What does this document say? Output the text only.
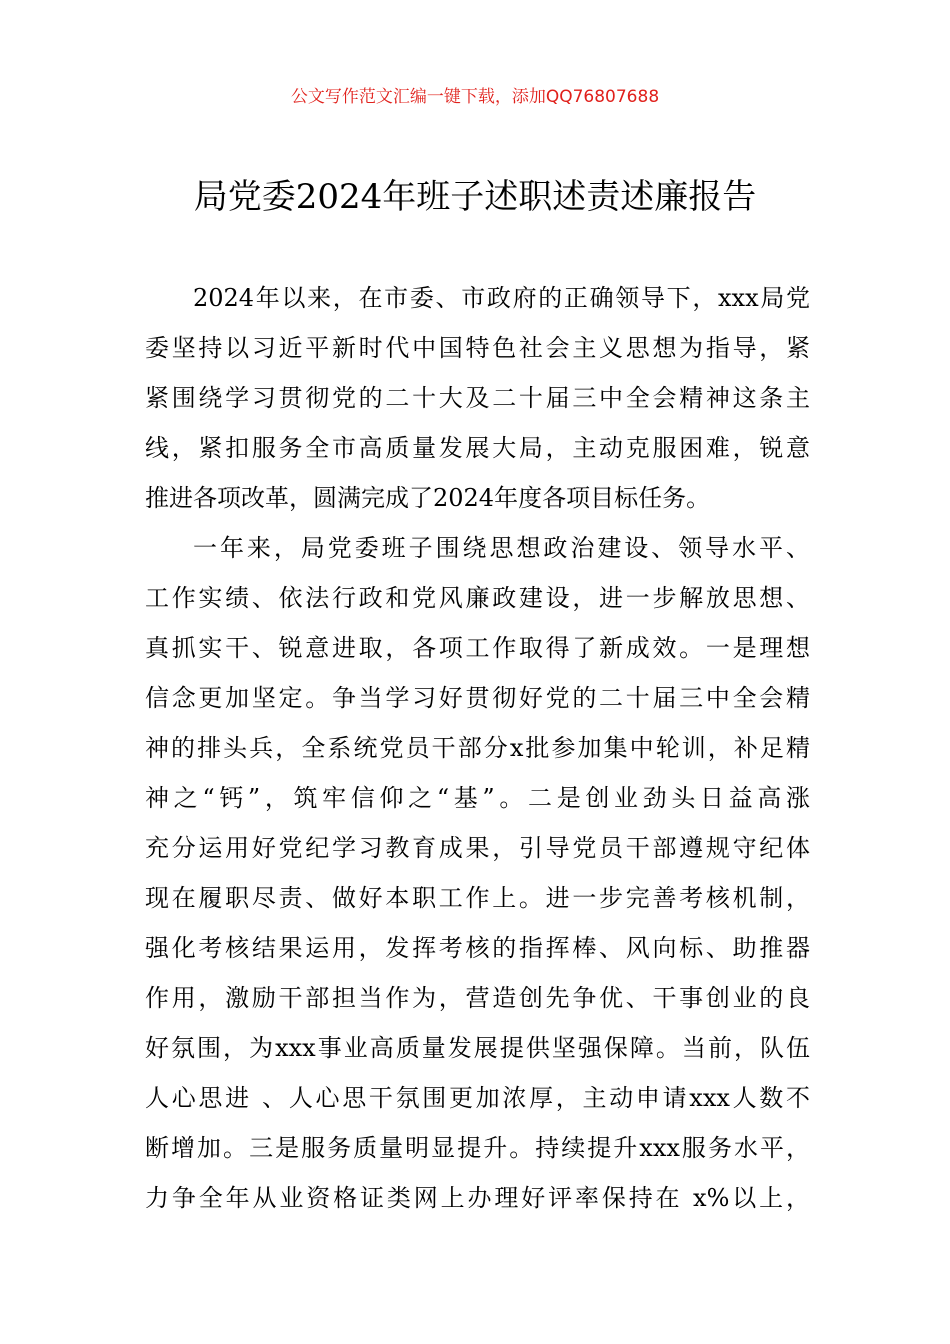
公文写作范文汇编一键下载，添加QQ76807688
局党委2024年班子述职述责述廉报告

2024年以来，在市委、市政府的正确领导下，xxx局党
委坚持以习近平新时代中国特色社会主义思想为指导，紧
紧围绕学习贯彻党的二十大及二十届三中全会精神这条主
线，紧扣服务全市高质量发展大局，主动克服困难，锐意
推进各项改革，圆满完成了2024年度各项目标任务。

一年来，局党委班子围绕思想政治建设、领导水平、
工作实绩、依法行政和党风廉政建设，进一步解放思想、
真抓实干、锐意进取，各项工作取得了新成效。一是理想
信念更加坚定。争当学习好贯彻好党的二十届三中全会精
神的排头兵，全系统党员干部分x批参加集中轮训，补足精
神之“钙”，筑牢信仰之“基”。二是创业劲头日益高涨
充分运用好党纪学习教育成果，引导党员干部遵规守纪体
现在履职尽责、做好本职工作上。进一步完善考核机制，
强化考核结果运用，发挥考核的指挥棒、风向标、助推器
作用，激励干部担当作为，营造创先争优、干事创业的良
好氛围，为xxx事业高质量发展提供坚强保障。当前，队伍
人心思进 、人心思干氛围更加浓厚，主动申请xxx人数不
断增加。三是服务质量明显提升。持续提升xxx服务水平，
力争全年从业资格证类网上办理好评率保持在 x%以上，
